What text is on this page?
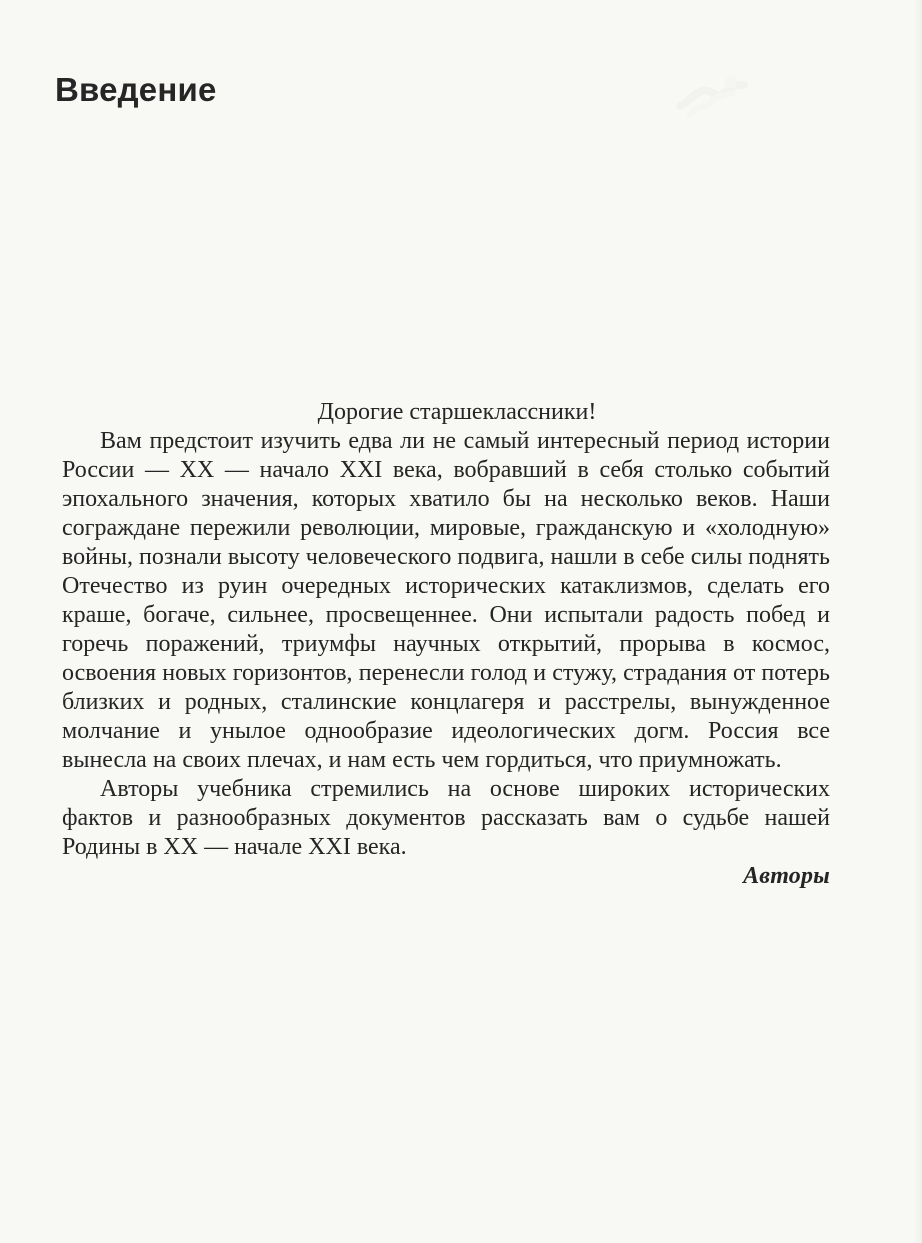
Введение

Дорогие старшеклассники!

Вам предстоит изучить едва ли не самый интересный период истории России — XX — начало XXI века, вобравший в себя столько событий эпохального значения, которых хватило бы на несколько веков. Наши сограждане пережили революции, мировые, гражданскую и «холодную» войны, познали высоту человеческого подвига, нашли в себе силы поднять Отечество из руин очередных исторических катаклизмов, сделать его краше, богаче, сильнее, просвещеннее. Они испытали радость побед и горечь поражений, триумфы научных открытий, прорыва в космос, освоения новых горизонтов, перенесли голод и стужу, страдания от потерь близких и родных, сталинские концлагеря и расстрелы, вынужденное молчание и унылое однообразие идеологических догм. Россия все вынесла на своих плечах, и нам есть чем гордиться, что приумножать.

Авторы учебника стремились на основе широких исторических фактов и разнообразных документов рассказать вам о судьбе нашей Родины в XX — начале XXI века.

Авторы
